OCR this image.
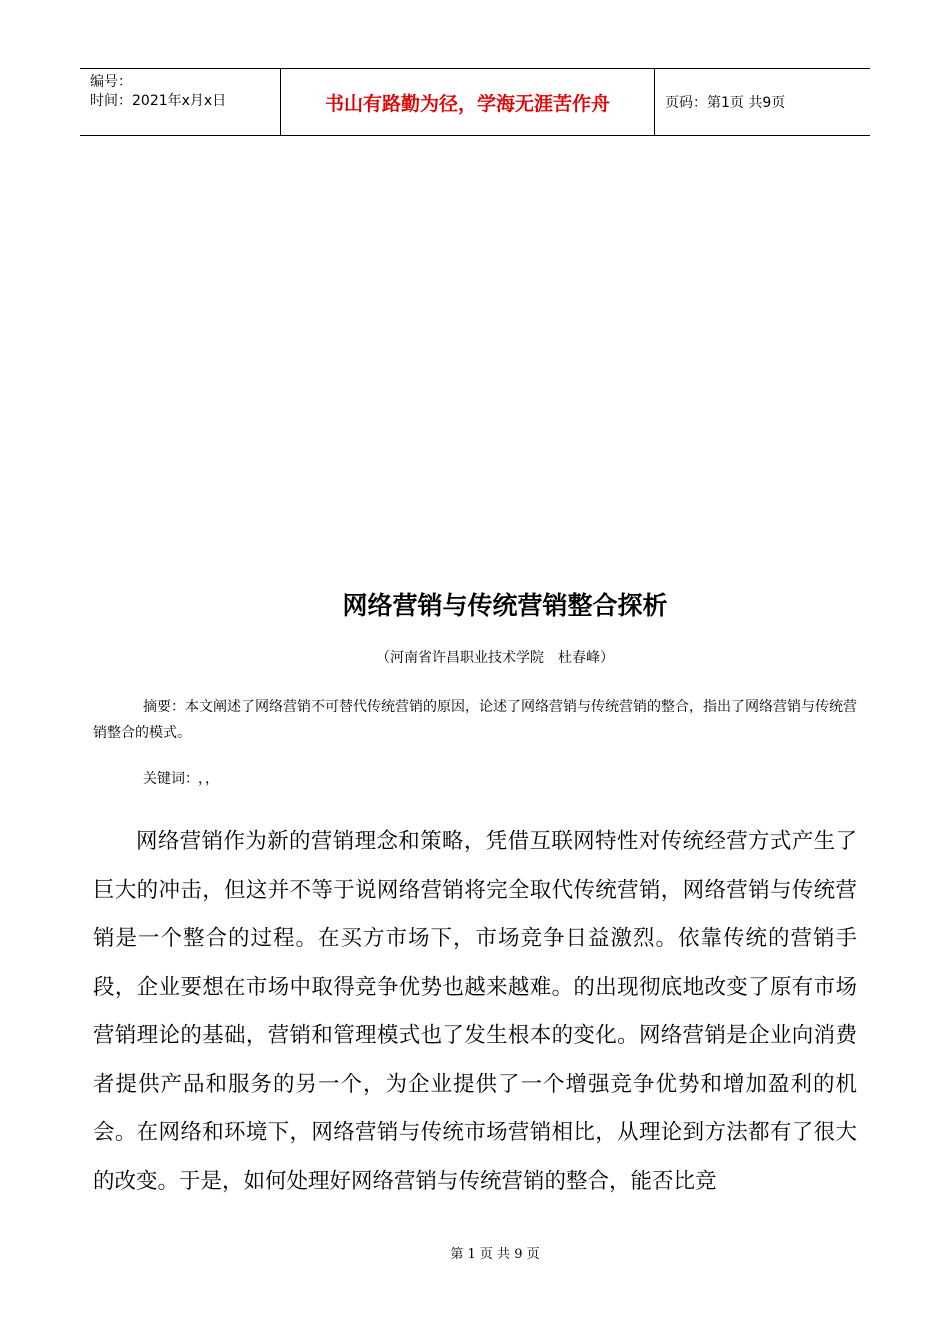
编号：
时间：2021年x月x日	书山有路勤为径，学海无涯苦作舟	页码：第1页 共9页
网络营销与传统营销整合探析
（河南省许昌职业技术学院　杜春峰）

摘要：本文阐述了网络营销不可替代传统营销的原因，论述了网络营销与传统营销的整合，指出了网络营销与传统营销整合的模式。

关键词： ，，

网络营销作为新的营销理念和策略，凭借互联网特性对传统经营方式产生了巨大的冲击，但这并不等于说网络营销将完全取代传统营销，网络营销与传统营销是一个整合的过程。在买方市场下，市场竞争日益激烈。依靠传统的营销手段，企业要想在市场中取得竞争优势也越来越难。的出现彻底地改变了原有市场营销理论的基础，营销和管理模式也了发生根本的变化。网络营销是企业向消费者提供产品和服务的另一个，为企业提供了一个增强竞争优势和增加盈利的机会。在网络和环境下，网络营销与传统市场营销相比，从理论到方法都有了很大的改变。于是，如何处理好网络营销与传统营销的整合，能否比竞

第 1 页 共 9 页
